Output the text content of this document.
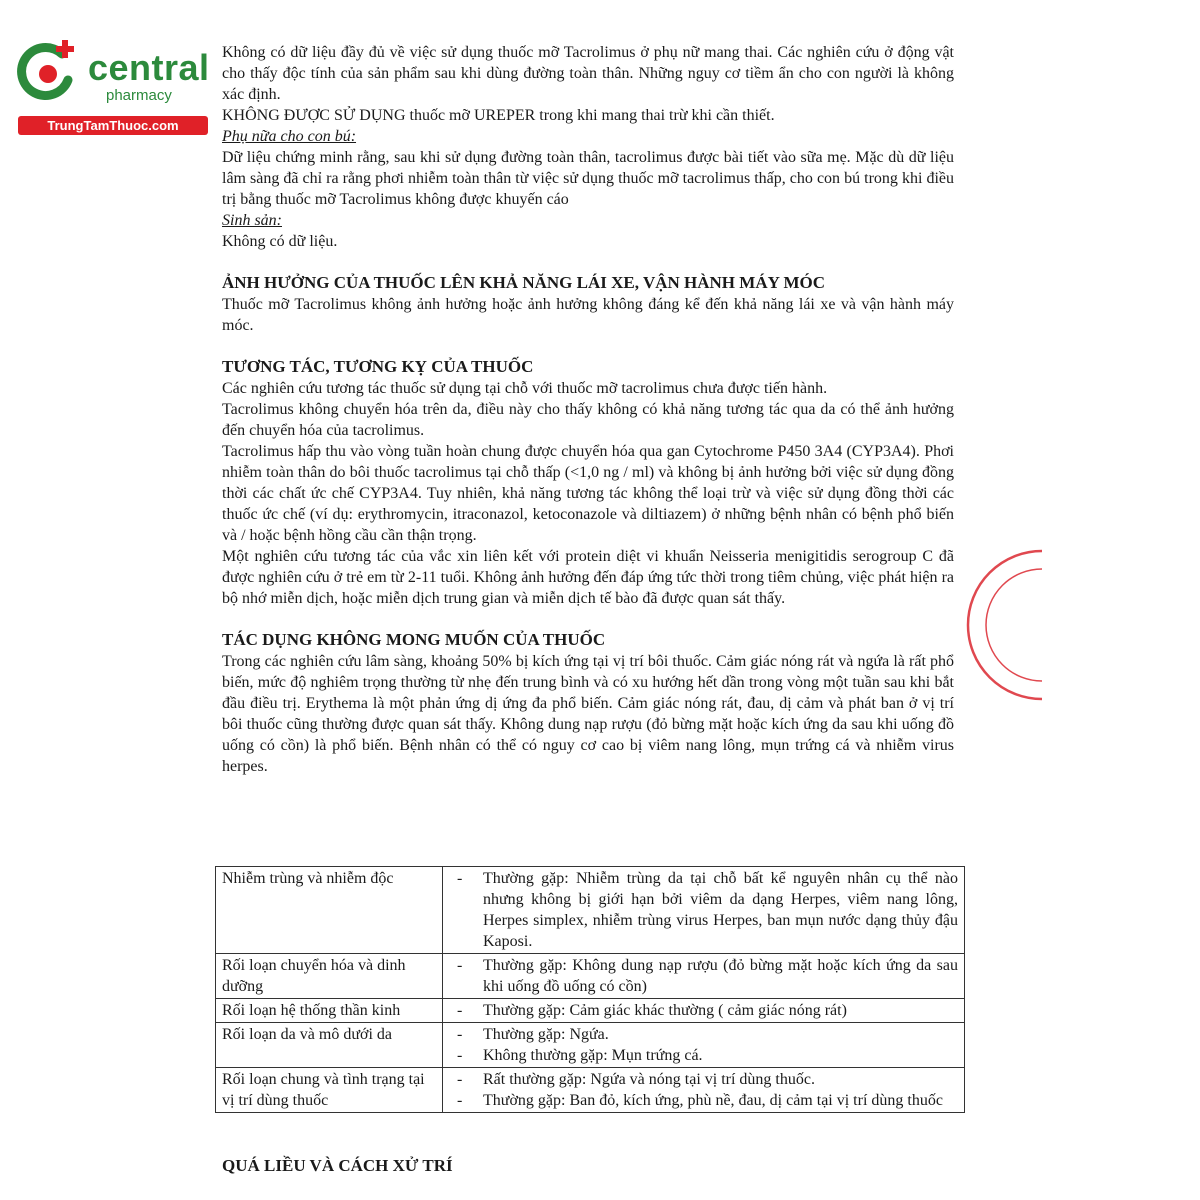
central
pharmacy
TrungTamThuoc.com

Không có dữ liệu đầy đủ về việc sử dụng thuốc mỡ Tacrolimus ở phụ nữ mang thai. Các nghiên cứu ở động vật cho thấy độc tính của sản phẩm sau khi dùng đường toàn thân. Những nguy cơ tiềm ẩn cho con người là không xác định.

KHÔNG ĐƯỢC SỬ DỤNG thuốc mỡ UREPER trong khi mang thai trừ khi cần thiết.

Phụ nữa cho con bú:

Dữ liệu chứng minh rằng, sau khi sử dụng đường toàn thân, tacrolimus được bài tiết vào sữa mẹ. Mặc dù dữ liệu lâm sàng đã chỉ ra rằng phơi nhiễm toàn thân từ việc sử dụng thuốc mỡ tacrolimus thấp, cho con bú trong khi điều trị bằng thuốc mỡ Tacrolimus không được khuyến cáo

Sinh sản:

Không có dữ liệu.

ẢNH HƯỞNG CỦA THUỐC LÊN KHẢ NĂNG LÁI XE, VẬN HÀNH MÁY MÓC

Thuốc mỡ Tacrolimus không ảnh hưởng hoặc ảnh hưởng không đáng kể đến khả năng lái xe và vận hành máy móc.

TƯƠNG TÁC, TƯƠNG KỴ CỦA THUỐC

Các nghiên cứu tương tác thuốc sử dụng tại chỗ với thuốc mỡ tacrolimus chưa được tiến hành.

Tacrolimus không chuyển hóa trên da, điều này cho thấy không có khả năng tương tác qua da có thể ảnh hưởng đến chuyển hóa của tacrolimus.

Tacrolimus hấp thu vào vòng tuần hoàn chung được chuyển hóa qua gan Cytochrome P450 3A4 (CYP3A4). Phơi nhiễm toàn thân do bôi thuốc tacrolimus tại chỗ thấp (<1,0 ng / ml) và không bị ảnh hưởng bởi việc sử dụng đồng thời các chất ức chế CYP3A4. Tuy nhiên, khả năng tương tác không thể loại trừ và việc sử dụng đồng thời các thuốc ức chế (ví dụ: erythromycin, itraconazol, ketoconazole và diltiazem) ở những bệnh nhân có bệnh phổ biến và / hoặc bệnh hồng cầu cần thận trọng.

Một nghiên cứu tương tác của vắc xin liên kết với protein diệt vi khuẩn Neisseria menigitidis serogroup C đã được nghiên cứu ở trẻ em từ 2-11 tuổi. Không ảnh hưởng đến đáp ứng tức thời trong tiêm chủng, việc phát hiện ra bộ nhớ miễn dịch, hoặc miễn dịch trung gian và miễn dịch tế bào đã được quan sát thấy.

TÁC DỤNG KHÔNG MONG MUỐN CỦA THUỐC

Trong các nghiên cứu lâm sàng, khoảng 50% bị kích ứng tại vị trí bôi thuốc. Cảm giác nóng rát và ngứa là rất phổ biến, mức độ nghiêm trọng thường từ nhẹ đến trung bình và có xu hướng hết dần trong vòng một tuần sau khi bắt đầu điều trị. Erythema là một phản ứng dị ứng đa phổ biến. Cảm giác nóng rát, đau, dị cảm và phát ban ở vị trí bôi thuốc cũng thường được quan sát thấy. Không dung nạp rượu (đỏ bừng mặt hoặc kích ứng da sau khi uống đồ uống có cồn) là phổ biến. Bệnh nhân có thể có nguy cơ cao bị viêm nang lông, mụn trứng cá và nhiễm virus herpes.

Nhiễm trùng và nhiễm độc	- Thường gặp: Nhiễm trùng da tại chỗ bất kể nguyên nhân cụ thể nào nhưng không bị giới hạn bởi viêm da dạng Herpes, viêm nang lông, Herpes simplex, nhiễm trùng virus Herpes, ban mụn nước dạng thủy đậu Kaposi.

Rối loạn chuyển hóa và dinh dưỡng	- Thường gặp: Không dung nạp rượu (đỏ bừng mặt hoặc kích ứng da sau khi uống đồ uống có cồn)

Rối loạn hệ thống thần kinh	- Thường gặp: Cảm giác khác thường ( cảm giác nóng rát)

Rối loạn da và mô dưới da	- Thường gặp: Ngứa.
- Không thường gặp: Mụn trứng cá.

Rối loạn chung và tình trạng tại vị trí dùng thuốc	- Rất thường gặp: Ngứa và nóng tại vị trí dùng thuốc.
- Thường gặp: Ban đỏ, kích ứng, phù nề, đau, dị cảm tại vị trí dùng thuốc
QUÁ LIỀU VÀ CÁCH XỬ TRÍ
